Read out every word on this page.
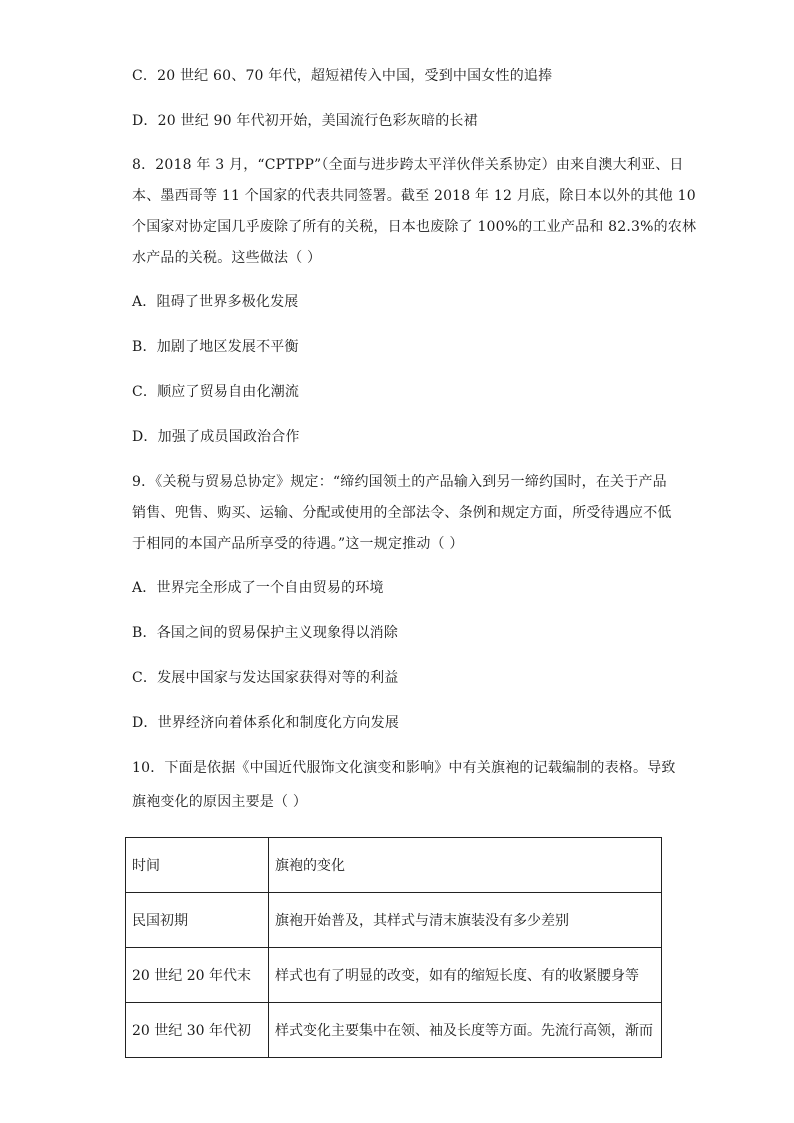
C．20 世纪 60、70 年代，超短裙传入中国，受到中国女性的追捧
D．20 世纪 90 年代初开始，美国流行色彩灰暗的长裙
8．2018 年 3 月，“CPTPP”（全面与进步跨太平洋伙伴关系协定）由来自澳大利亚、日
本、墨西哥等 11 个国家的代表共同签署。截至 2018 年 12 月底，除日本以外的其他 10
个国家对协定国几乎废除了所有的关税，日本也废除了 100%的工业产品和 82.3%的农林
水产品的关税。这些做法（ ）
A．阻碍了世界多极化发展
B．加剧了地区发展不平衡
C．顺应了贸易自由化潮流
D．加强了成员国政治合作
9．《关税与贸易总协定》规定：“缔约国领土的产品输入到另一缔约国时，在关于产品
销售、兜售、购买、运输、分配或使用的全部法令、条例和规定方面，所受待遇应不低
于相同的本国产品所享受的待遇。”这一规定推动（ ）
A．世界完全形成了一个自由贸易的环境
B．各国之间的贸易保护主义现象得以消除
C．发展中国家与发达国家获得对等的利益
D．世界经济向着体系化和制度化方向发展
10．下面是依据《中国近代服饰文化演变和影响》中有关旗袍的记载编制的表格。导致
旗袍变化的原因主要是（ ）
时间	旗袍的变化
民国初期	旗袍开始普及，其样式与清末旗装没有多少差别
20 世纪 20 年代末	样式也有了明显的改变，如有的缩短长度、有的收紧腰身等
20 世纪 30 年代初	样式变化主要集中在领、袖及长度等方面。先流行高领，渐而
